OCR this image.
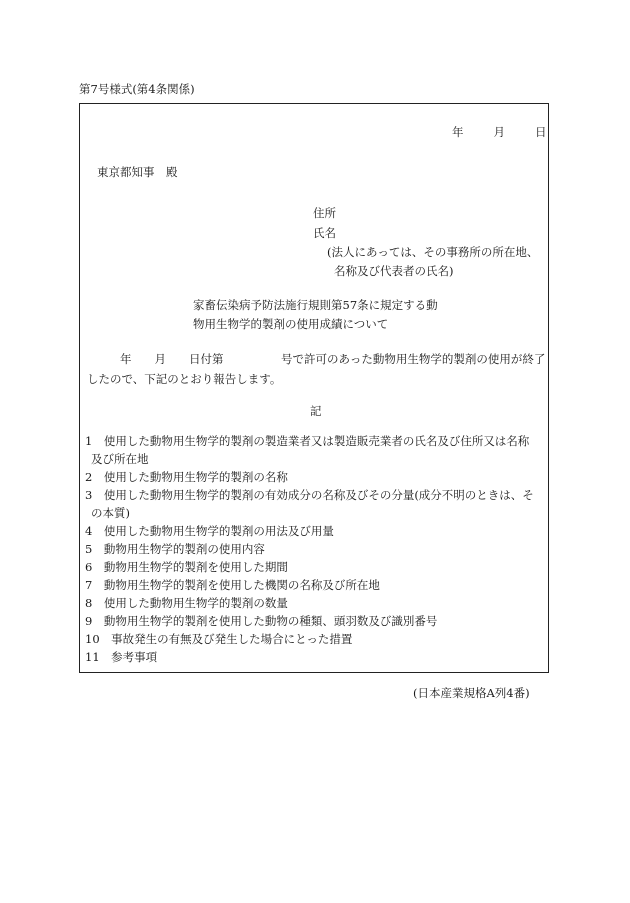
第7号様式(第4条関係)
年	月	日
東京都知事　殿
住所
氏名
(法人にあっては、その事務所の所在地、
名称及び代表者の氏名)
家畜伝染病予防法施行規則第57条に規定する動
物用生物学的製剤の使用成績について
年　　月　　日付第　　　　　号で許可のあった動物用生物学的製剤の使用が終了
したので、下記のとおり報告します。
記
1　使用した動物用生物学的製剤の製造業者又は製造販売業者の氏名及び住所又は名称
及び所在地
2　使用した動物用生物学的製剤の名称
3　使用した動物用生物学的製剤の有効成分の名称及びその分量(成分不明のときは、そ
の本質)
4　使用した動物用生物学的製剤の用法及び用量
5　動物用生物学的製剤の使用内容
6　動物用生物学的製剤を使用した期間
7　動物用生物学的製剤を使用した機関の名称及び所在地
8　使用した動物用生物学的製剤の数量
9　動物用生物学的製剤を使用した動物の種類、頭羽数及び識別番号
10　事故発生の有無及び発生した場合にとった措置
11　参考事項
(日本産業規格A列4番)
